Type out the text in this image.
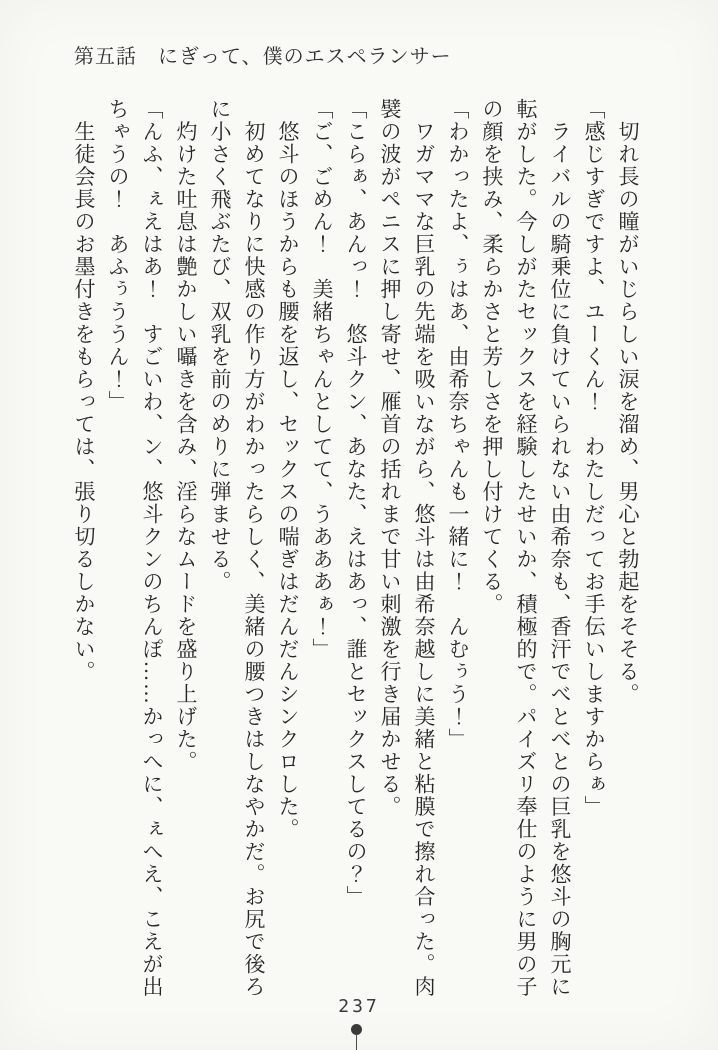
第五話　にぎって、僕のエスペランサー

　切れ長の瞳がいじらしい涙を溜め、男心と勃起をそそる。

「感じすぎですよ、ユーくん！　わたしだってお手伝いしますからぁ」

　ライバルの騎乗位に負けていられない由希奈も、香汗でべとべとの巨乳を悠斗の胸元に

転がした。今しがたセックスを経験したせいか、積極的で。パイズリ奉仕のように男の子

の顔を挟み、柔らかさと芳しさを押し付けてくる。

「わかったよ、ぅはあ、由希奈ちゃんも一緒に！　んむぅう！」

　ワガママな巨乳の先端を吸いながら、悠斗は由希奈越しに美緒と粘膜で擦れ合った。肉

襞の波がペニスに押し寄せ、雁首の括れまで甘い刺激を行き届かせる。

「こらぁ、あんっ！　悠斗クン、あなた、えはあっ、誰とセックスしてるの？」

「ご、ごめん！　美緒ちゃんとしてて、うあああぁ！」

　悠斗のほうからも腰を返し、セックスの喘ぎはだんだんシンクロした。

　初めてなりに快感の作り方がわかったらしく、美緒の腰つきはしなやかだ。お尻で後ろ

に小さく飛ぶたび、双乳を前のめりに弾ませる。

　灼けた吐息は艶かしい囁きを含み、淫らなムードを盛り上げた。

「んふ、ぇえはあ！　すごいわ、ン、悠斗クンのちんぽ……かっへに、ぇへえ、こえが出

ちゃうの！　あふぅううん！」

　生徒会長のお墨付きをもらっては、張り切るしかない。

237
